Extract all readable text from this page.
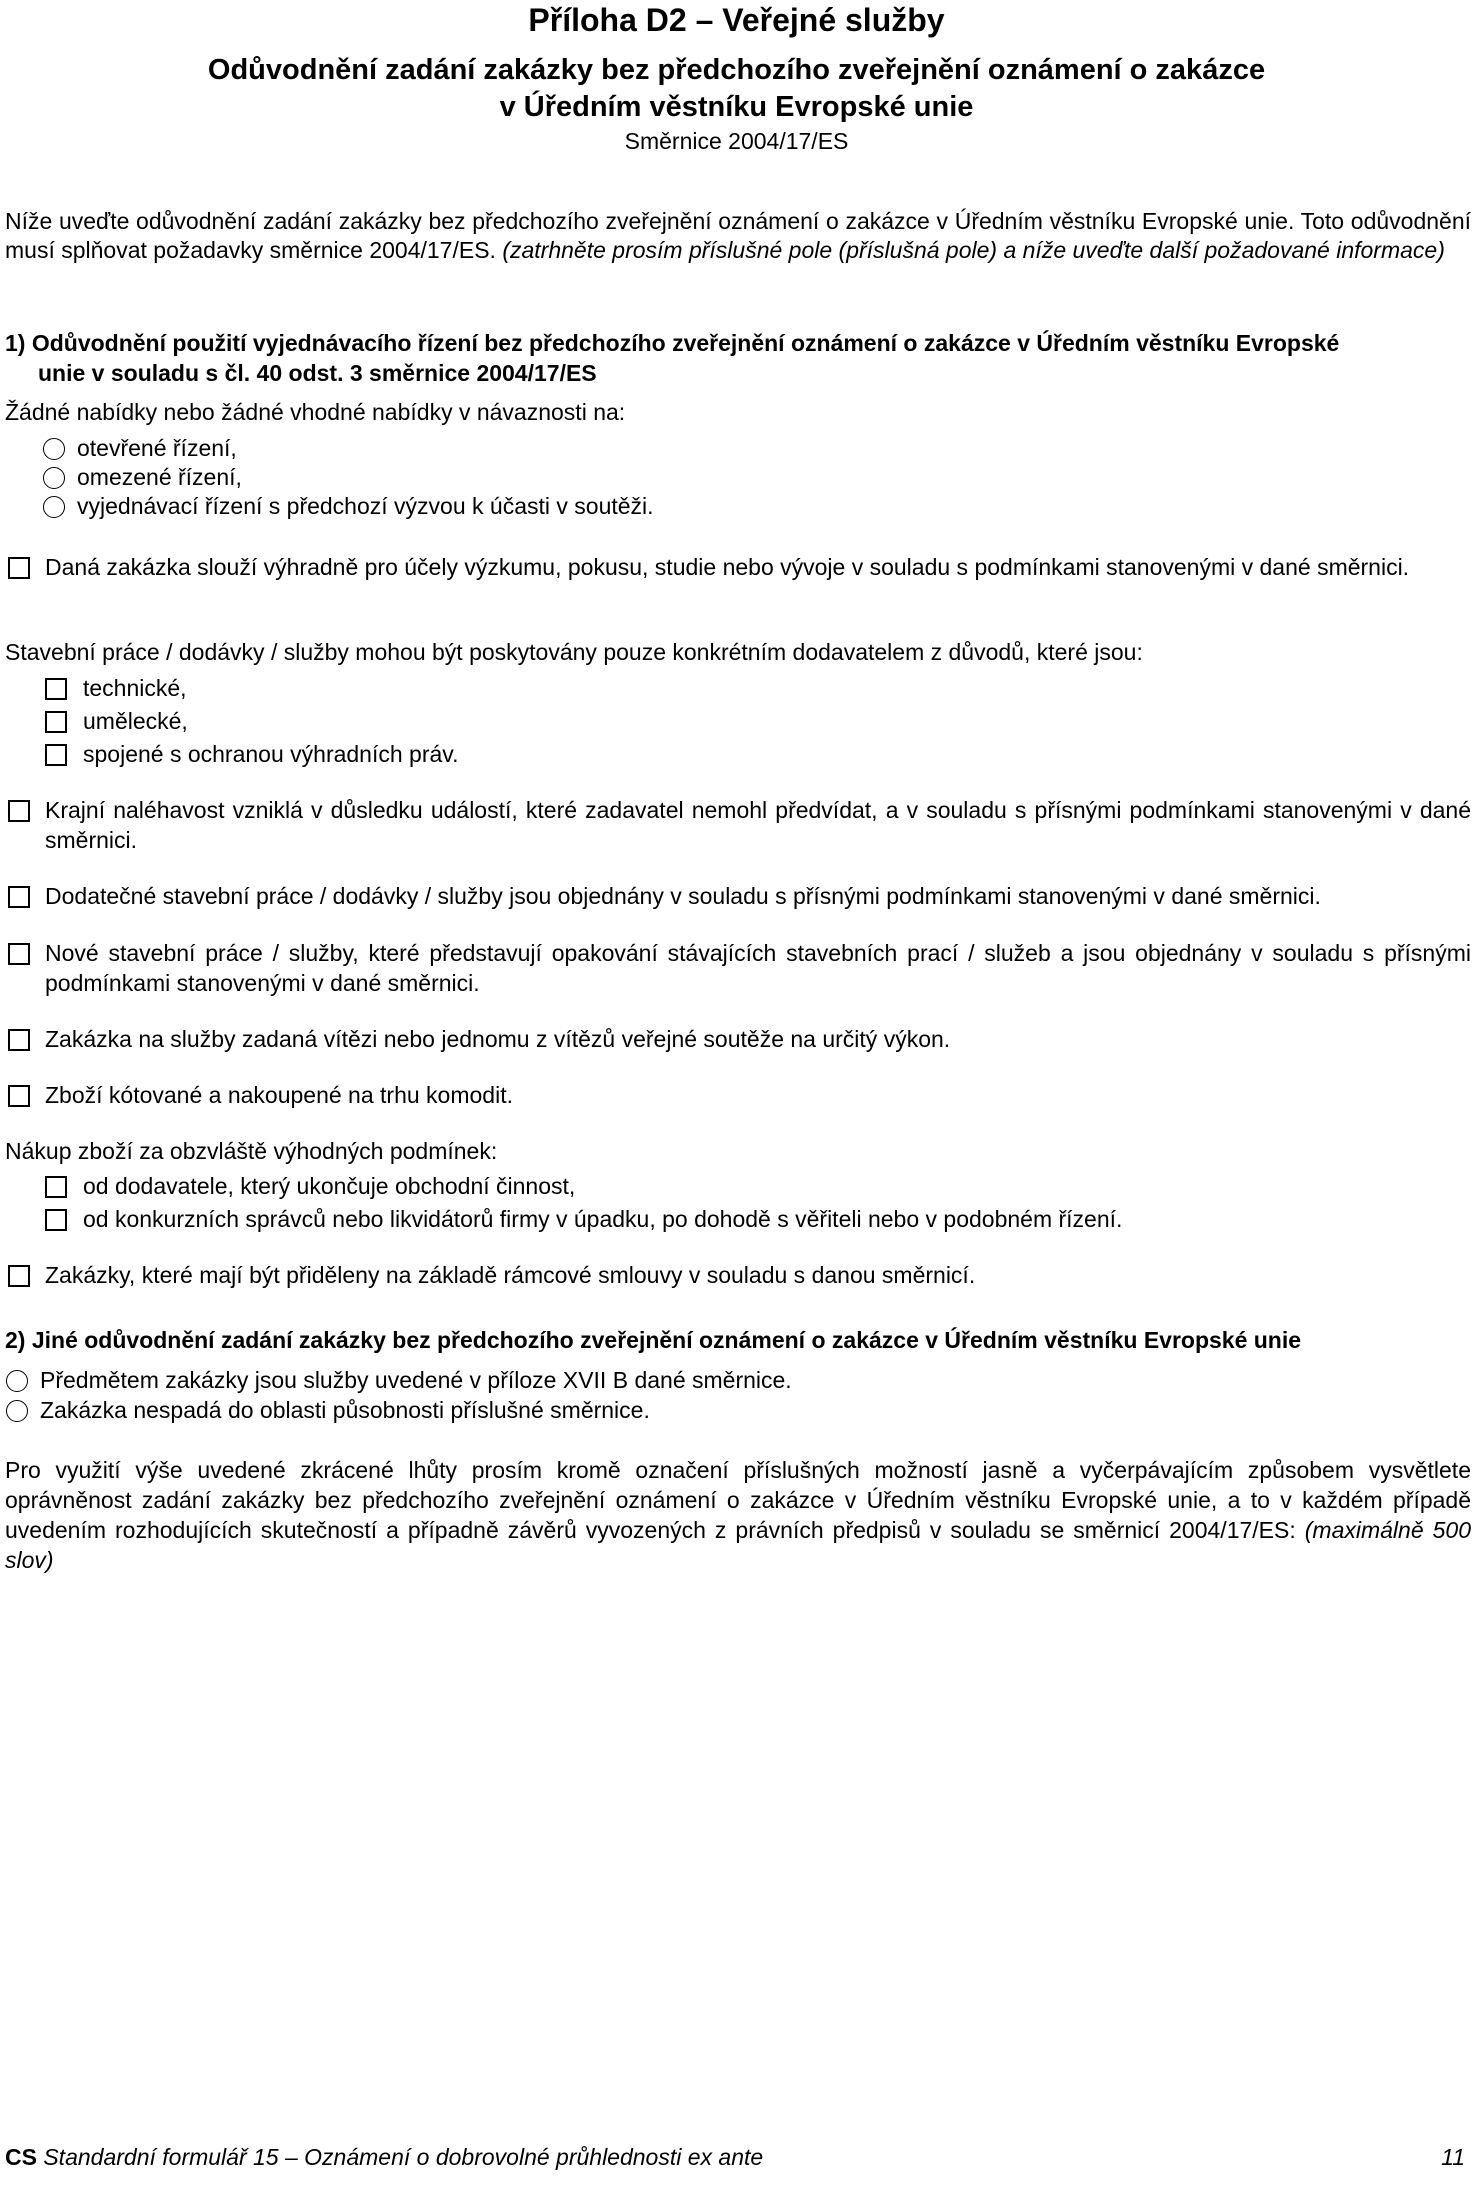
Příloha D2 – Veřejné služby
Odůvodnění zadání zakázky bez předchozího zveřejnění oznámení o zakázce
v Úředním věstníku Evropské unie
Směrnice 2004/17/ES
Níže uveďte odůvodnění zadání zakázky bez předchozího zveřejnění oznámení o zakázce v Úředním věstníku Evropské unie. Toto odůvodnění musí splňovat požadavky směrnice 2004/17/ES. (zatrhněte prosím příslušné pole (příslušná pole) a níže uveďte další požadované informace)
1) Odůvodnění použití vyjednávacího řízení bez předchozího zveřejnění oznámení o zakázce v Úředním věstníku Evropské
unie v souladu s čl. 40 odst. 3 směrnice 2004/17/ES
Žádné nabídky nebo žádné vhodné nabídky v návaznosti na:
otevřené řízení,
omezené řízení,
vyjednávací řízení s předchozí výzvou k účasti v soutěži.
Daná zakázka slouží výhradně pro účely výzkumu, pokusu, studie nebo vývoje v souladu s podmínkami stanovenými v dané směrnici.
Stavební práce / dodávky / služby mohou být poskytovány pouze konkrétním dodavatelem z důvodů, které jsou:
technické,
umělecké,
spojené s ochranou výhradních práv.
Krajní naléhavost vzniklá v důsledku událostí, které zadavatel nemohl předvídat, a v souladu s přísnými podmínkami stanovenými v dané směrnici.
Dodatečné stavební práce / dodávky / služby jsou objednány v souladu s přísnými podmínkami stanovenými v dané směrnici.
Nové stavební práce / služby, které představují opakování stávajících stavebních prací / služeb a jsou objednány v souladu s přísnými podmínkami stanovenými v dané směrnici.
Zakázka na služby zadaná vítězi nebo jednomu z vítězů veřejné soutěže na určitý výkon.
Zboží kótované a nakoupené na trhu komodit.
Nákup zboží za obzvláště výhodných podmínek:
od dodavatele, který ukončuje obchodní činnost,
od konkurzních správců nebo likvidátorů firmy v úpadku, po dohodě s věřiteli nebo v podobném řízení.
Zakázky, které mají být přiděleny na základě rámcové smlouvy v souladu s danou směrnicí.
2) Jiné odůvodnění zadání zakázky bez předchozího zveřejnění oznámení o zakázce v Úředním věstníku Evropské unie
Předmětem zakázky jsou služby uvedené v příloze XVII B dané směrnice.
Zakázka nespadá do oblasti působnosti příslušné směrnice.
Pro využití výše uvedené zkrácené lhůty prosím kromě označení příslušných možností jasně a vyčerpávajícím způsobem vysvětlete oprávněnost zadání zakázky bez předchozího zveřejnění oznámení o zakázce v Úředním věstníku Evropské unie, a to v každém případě uvedením rozhodujících skutečností a případně závěrů vyvozených z právních předpisů v souladu se směrnicí 2004/17/ES: (maximálně 500 slov)
CS Standardní formulář 15 – Oznámení o dobrovolné průhlednosti ex ante	11
